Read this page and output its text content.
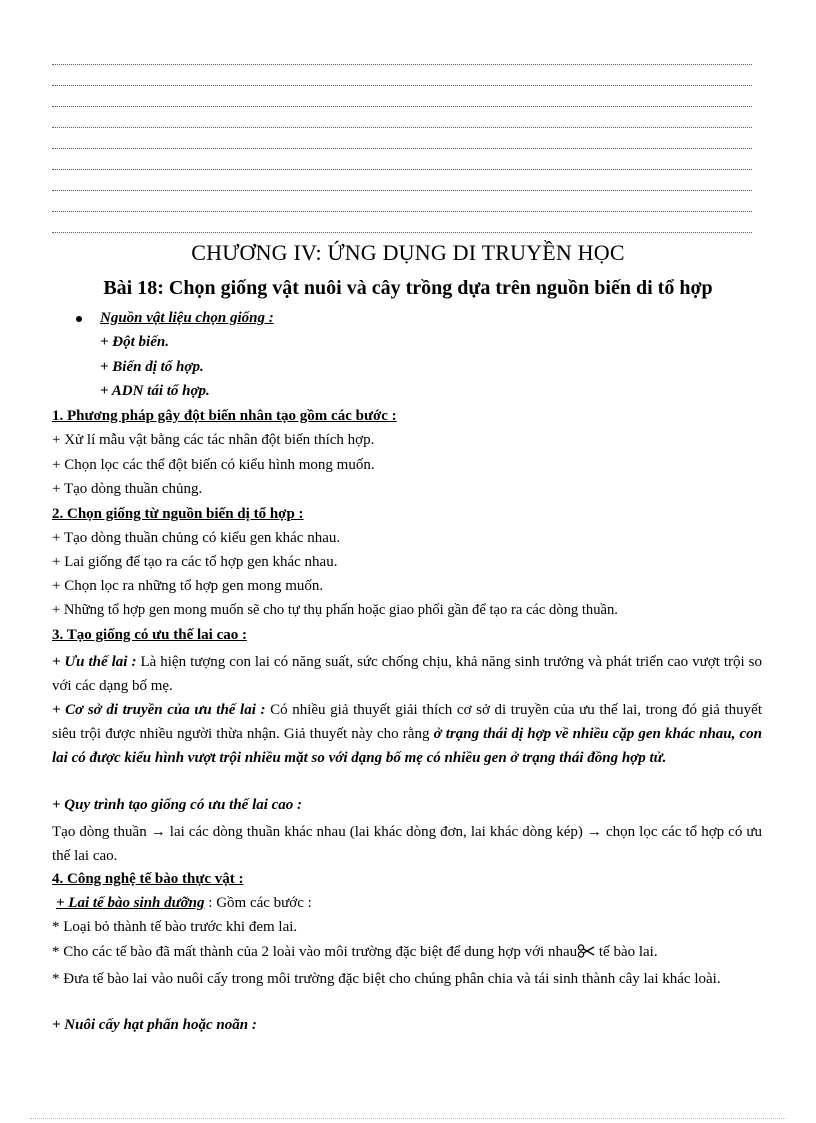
CHƯƠNG IV: ỨNG DỤNG DI TRUYỀN HỌC
Bài 18: Chọn giống vật nuôi và cây trồng dựa trên nguồn biến di tổ hợp
Nguồn vật liệu chọn giống :
+ Đột biến.
+ Biến dị tổ hợp.
+ ADN tái tổ hợp.
1. Phương pháp gây đột biến nhân tạo gồm các bước :
+ Xử lí mẫu vật bằng các tác nhân đột biến thích hợp.
+ Chọn lọc các thể đột biến có kiểu hình mong muốn.
+ Tạo dòng thuần chủng.
2. Chọn giống từ nguồn biến dị tổ hợp :
+ Tạo dòng thuần chủng có kiểu gen khác nhau.
+ Lai giống để tạo ra các tổ hợp gen khác nhau.
+ Chọn lọc ra những tổ hợp gen mong muốn.
+ Những tổ hợp gen mong muốn sẽ cho tự thụ phấn hoặc giao phối gần để tạo ra các dòng thuần.
3. Tạo giống có ưu thế lai cao :
+ Ưu thế lai : Là hiện tượng con lai có năng suất, sức chống chịu, khả năng sinh trưởng và phát triển cao vượt trội so với các dạng bố mẹ.
+ Cơ sở di truyền của ưu thế lai : Có nhiều giả thuyết giải thích cơ sở di truyền của ưu thế lai, trong đó giả thuyết siêu trội được nhiều người thừa nhận. Giả thuyết này cho rằng ở trạng thái dị hợp về nhiều cặp gen khác nhau, con lai có được kiểu hình vượt trội nhiều mặt so với dạng bố mẹ có nhiều gen ở trạng thái đồng hợp tử.
+ Quy trình tạo giống có ưu thế lai cao :
Tạo dòng thuần → lai các dòng thuần khác nhau (lai khác dòng đơn, lai khác dòng kép) → chọn lọc các tổ hợp có ưu thế lai cao.
4. Công nghệ tế bào thực vật :
+ Lai tế bào sinh dưỡng : Gồm các bước :
* Loại bỏ thành tế bào trước khi đem lai.
* Cho các tế bào đã mất thành của 2 loài vào môi trường đặc biệt để dung hợp với nhau tế bào lai.
* Đưa tế bào lai vào nuôi cấy trong môi trường đặc biệt cho chúng phân chia và tái sinh thành cây lai khác loài.
+ Nuôi cấy hạt phấn hoặc noãn :
